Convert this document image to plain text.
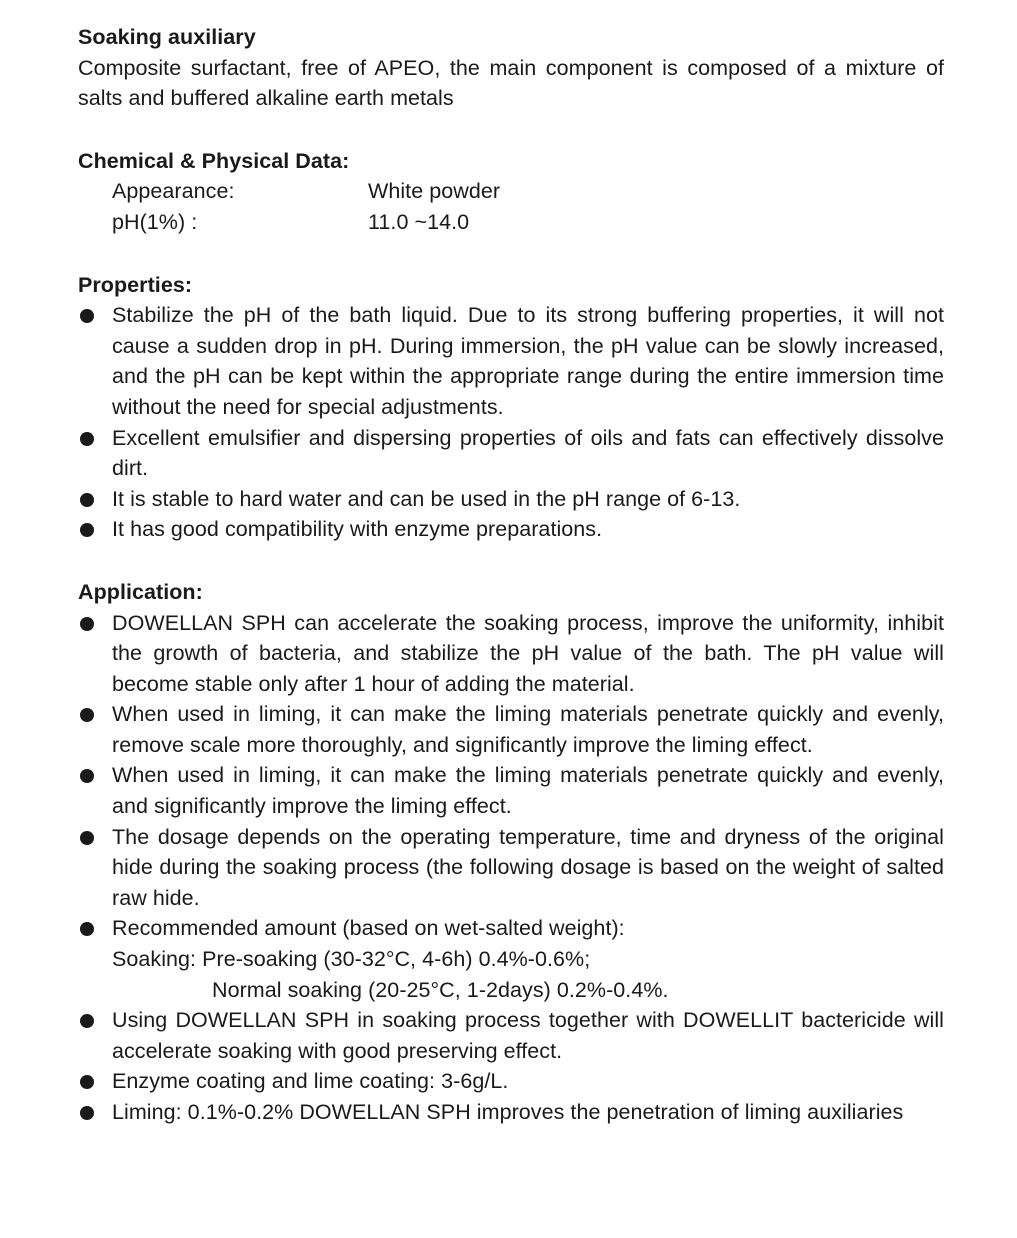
Soaking auxiliary

Composite surfactant, free of APEO, the main component is composed of a mixture of salts and buffered alkaline earth metals

Chemical & Physical Data:

Appearance:	White powder
pH(1%) :	11.0 ~14.0

Properties:

Stabilize the pH of the bath liquid. Due to its strong buffering properties, it will not cause a sudden drop in pH. During immersion, the pH value can be slowly increased, and the pH can be kept within the appropriate range during the entire immersion time without the need for special adjustments.
Excellent emulsifier and dispersing properties of oils and fats can effectively dissolve dirt.
It is stable to hard water and can be used in the pH range of 6-13.
It has good compatibility with enzyme preparations.

Application:

DOWELLAN SPH can accelerate the soaking process, improve the uniformity, inhibit the growth of bacteria, and stabilize the pH value of the bath. The pH value will become stable only after 1 hour of adding the material.
When used in liming, it can make the liming materials penetrate quickly and evenly, remove scale more thoroughly, and significantly improve the liming effect.
When used in liming, it can make the liming materials penetrate quickly and evenly, and significantly improve the liming effect.
The dosage depends on the operating temperature, time and dryness of the original hide during the soaking process (the following dosage is based on the weight of salted raw hide.
Recommended amount (based on wet-salted weight):
Soaking: Pre-soaking (30-32°C, 4-6h) 0.4%-0.6%;
Normal soaking (20-25°C, 1-2days) 0.2%-0.4%.
Using DOWELLAN SPH in soaking process together with DOWELLIT bactericide will accelerate soaking with good preserving effect.
Enzyme coating and lime coating: 3-6g/L.
Liming: 0.1%-0.2% DOWELLAN SPH improves the penetration of liming auxiliaries
